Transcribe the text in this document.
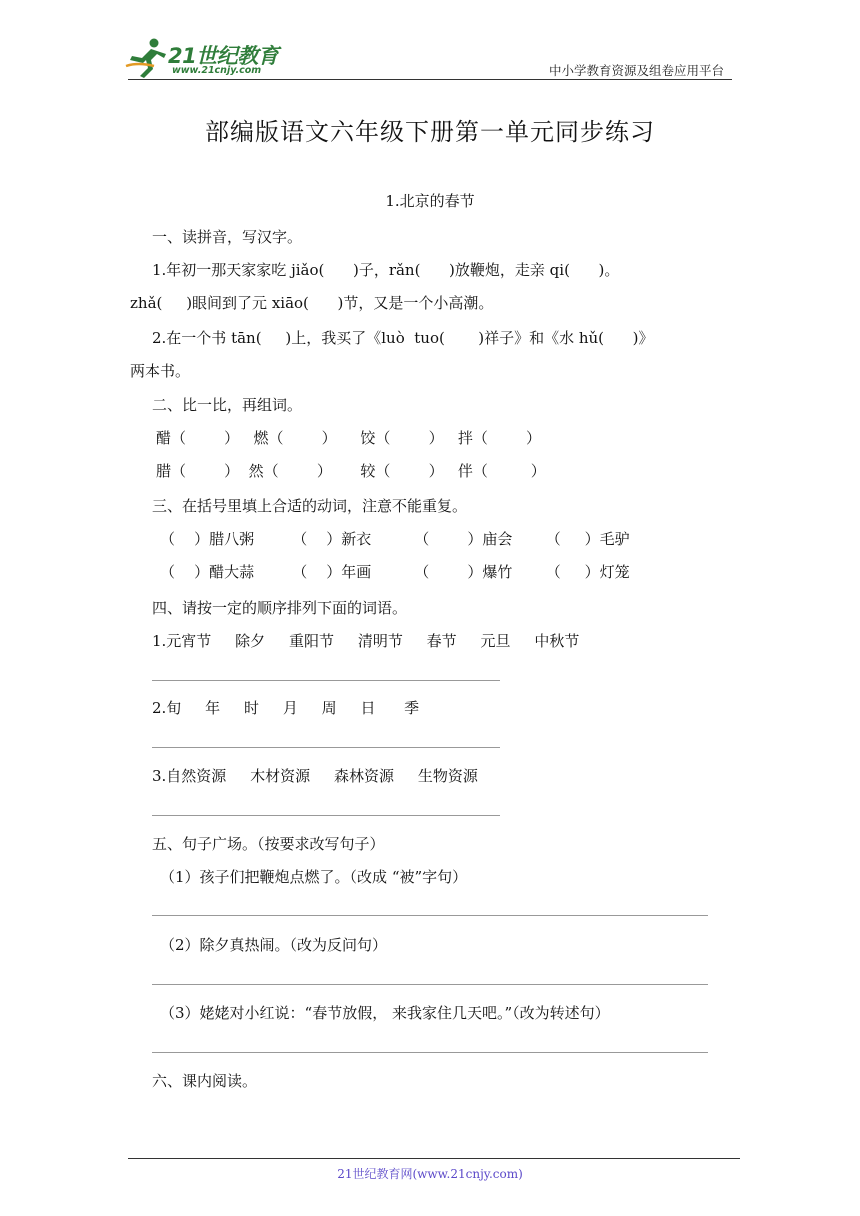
21世纪教育
www.21cnjy.com	中小学教育资源及组卷应用平台
部编版语文六年级下册第一单元同步练习
1.北京的春节
一、读拼音，写汉字。
1.年初一那天家家吃 jiǎo(      )子，rǎn(      )放鞭炮，走亲 qi(      )。
zhǎ(     )眼间到了元 xiāo(      )节，又是一个小高潮。
2.在一个书 tān(     )上，我买了《luò  tuo(       )祥子》和《水 hǔ(      )》
两本书。
二、比一比，再组词。
醋（        ）   燃（        ）     饺（        ）   拌（        ）
腊（        ）  然（        ）      较（        ）   伴（         ）
三、在括号里填上合适的动词，注意不能重复。
（    ）腊八粥        （    ）新衣         （        ）庙会       （     ）毛驴
（    ）醋大蒜        （    ）年画         （        ）爆竹       （     ）灯笼
四、请按一定的顺序排列下面的词语。
1.元宵节     除夕     重阳节     清明节     春节     元旦     中秋节
2.旬     年     时     月     周     日      季
3.自然资源     木材资源     森林资源     生物资源
五、句子广场。（按要求改写句子）
（1）孩子们把鞭炮点燃了。（改成 “被”字句）
（2）除夕真热闹。（改为反问句）
（3）姥姥对小红说：“春节放假， 来我家住几天吧。”（改为转述句）
六、课内阅读。
21世纪教育网(www.21cnjy.com)
